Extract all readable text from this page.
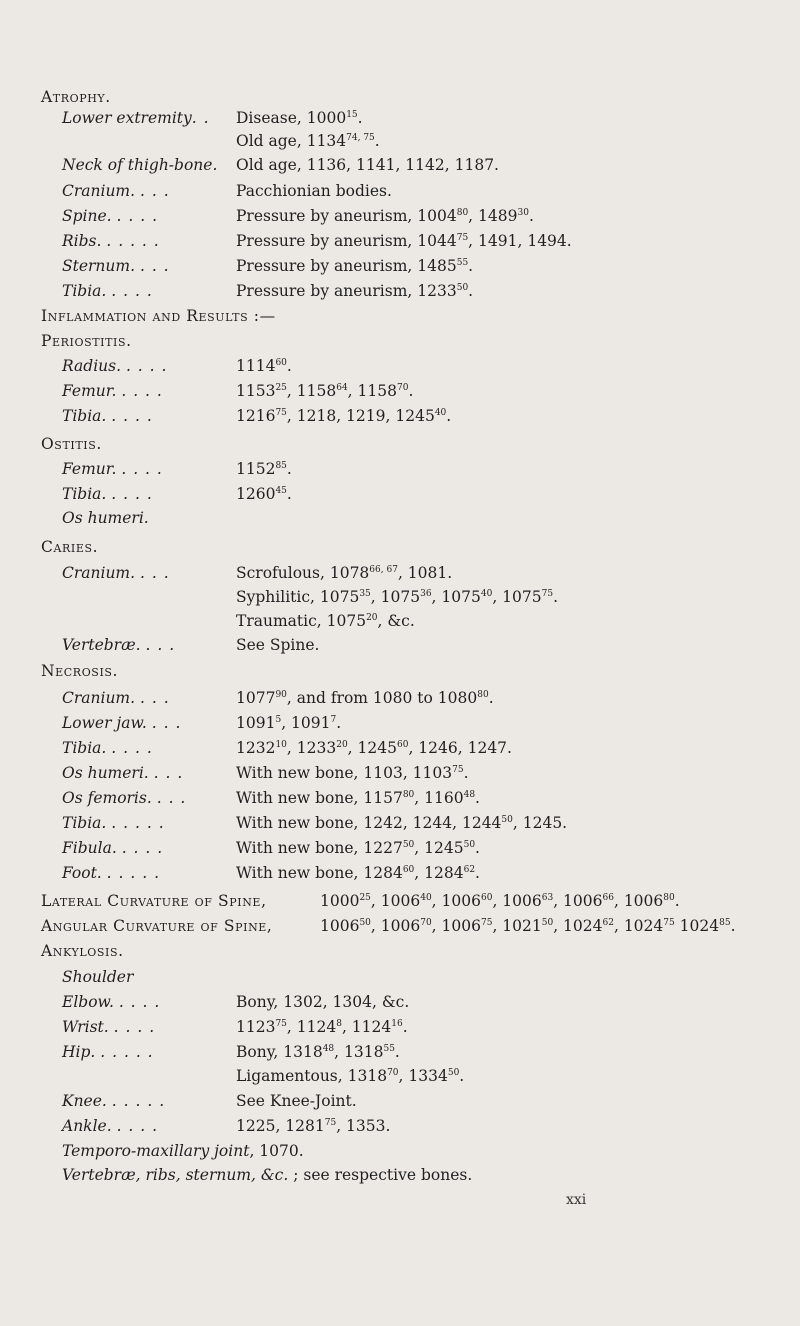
Atrophy.
Lower extremity. . Disease, 1000$^{15}$.
Old age, 1134$^{74, 75}$.
Neck of thigh-bone. Old age, 1136, 1141, 1142, 1187.
Cranium. . . .	Pacchionian bodies.
Spine. . . . .	Pressure by aneurism, 1004$^{80}$, 1489$^{30}$.
Ribs. . . . . .	Pressure by aneurism, 1044$^{75}$, 1491, 1494.
Sternum. . . .	Pressure by aneurism, 1485$^{55}$.
Tibia. . . . .	Pressure by aneurism, 1233$^{50}$.
Inflammation and Results :—
Periostitis.
Radius. . . . .	1114$^{60}$.
Femur. . . . .	1153$^{25}$, 1158$^{64}$, 1158$^{70}$.
Tibia. . . . .	1216$^{75}$, 1218, 1219, 1245$^{40}$.
Ostitis.
Femur. . . . .	1152$^{85}$.
Tibia. . . . .	1260$^{45}$.
Os humeri.
Caries.
Cranium. . . .	Scrofulous, 1078$^{66, 67}$, 1081.
Syphilitic, 1075$^{35}$, 1075$^{36}$, 1075$^{40}$, 1075$^{75}$.
Traumatic, 1075$^{20}$, &c.
Vertebræ. . . .	See Spine.
Necrosis.
Cranium. . . .	1077$^{90}$, and from 1080 to 1080$^{80}$.
Lower jaw. . . .	1091$^5$, 1091$^7$.
Tibia. . . . .	1232$^{10}$, 1233$^{20}$, 1245$^{60}$, 1246, 1247.
Os humeri. . . .	With new bone, 1103, 1103$^{75}$.
Os femoris. . . .	With new bone, 1157$^{80}$, 1160$^{48}$.
Tibia. . . . . .	With new bone, 1242, 1244, 1244$^{50}$, 1245.
Fibula. . . . .	With new bone, 1227$^{50}$, 1245$^{50}$.
Foot. . . . . .	With new bone, 1284$^{60}$, 1284$^{62}$.
Lateral Curvature of Spine,	1000$^{25}$, 1006$^{40}$, 1006$^{60}$, 1006$^{63}$, 1006$^{66}$, 1006$^{80}$.
Angular Curvature of Spine,	1006$^{50}$, 1006$^{70}$, 1006$^{75}$, 1021$^{50}$, 1024$^{62}$, 1024$^{75}$ 1024$^{85}$.
Ankylosis.
Shoulder
Elbow. . . . .	Bony, 1302, 1304, &c.
Wrist. . . . .	1123$^{75}$, 1124$^8$, 1124$^{16}$.
Hip. . . . . .	Bony, 1318$^{48}$, 1318$^{55}$.
Ligamentous, 1318$^{70}$, 1334$^{50}$.
Knee. . . . . .	See Knee-Joint.
Ankle. . . . .	1225, 1281$^{75}$, 1353.
Temporo-maxillary joint, 1070.
Vertebræ, ribs, sternum, &c. ; see respective bones.
xxi
